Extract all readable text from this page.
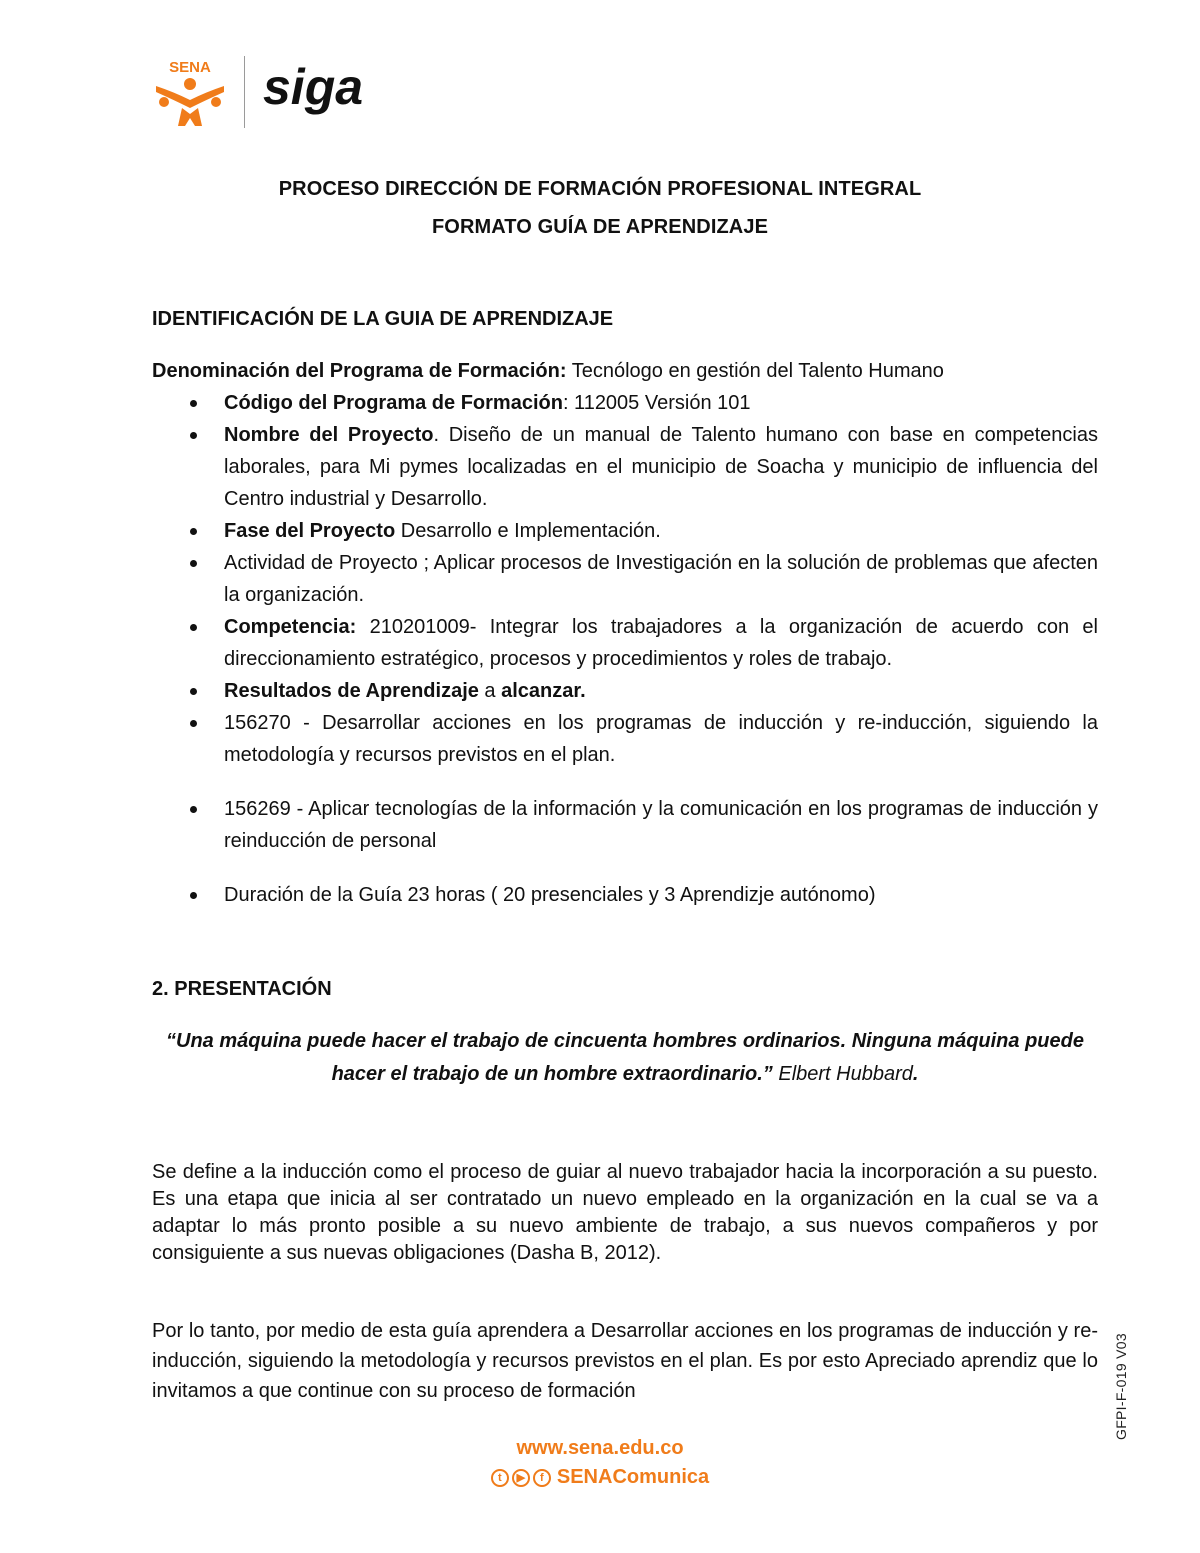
SENA siga
PROCESO DIRECCIÓN DE FORMACIÓN PROFESIONAL INTEGRAL
FORMATO GUÍA DE APRENDIZAJE
IDENTIFICACIÓN DE LA GUIA DE APRENDIZAJE
Denominación del Programa de Formación: Tecnólogo en gestión del Talento Humano
Código del Programa de Formación: 112005 Versión 101
Nombre del Proyecto. Diseño de un manual de Talento humano con base en competencias laborales, para Mi pymes localizadas en el municipio de Soacha y municipio de influencia del Centro industrial y Desarrollo.
Fase del Proyecto Desarrollo e Implementación.
Actividad de Proyecto ; Aplicar procesos de Investigación en la solución de problemas que afecten la organización.
Competencia: 210201009- Integrar los trabajadores a la organización de acuerdo con el direccionamiento estratégico, procesos y procedimientos y roles de trabajo.
Resultados de Aprendizaje a alcanzar.
156270 - Desarrollar acciones en los programas de inducción y re-inducción, siguiendo la metodología y recursos previstos en el plan.
156269 - Aplicar tecnologías de la información y la comunicación en los programas de inducción y reinducción de personal
Duración de la Guía 23 horas ( 20 presenciales y 3 Aprendizje autónomo)
2. PRESENTACIÓN
“Una máquina puede hacer el trabajo de cincuenta hombres ordinarios. Ninguna máquina puede hacer el trabajo de un hombre extraordinario.” Elbert Hubbard.
Se define a la inducción como el proceso de guiar al nuevo trabajador hacia la incorporación a su puesto. Es una etapa que inicia al ser contratado un nuevo empleado en la organización en la cual se va a adaptar lo más pronto posible a su nuevo ambiente de trabajo, a sus nuevos compañeros y por consiguiente a sus nuevas obligaciones (Dasha B, 2012).
Por lo tanto, por medio de esta guía aprendera a Desarrollar acciones en los programas de inducción y re-inducción, siguiendo la metodología y recursos previstos en el plan. Es por esto Apreciado aprendiz que lo invitamos a que continue con su proceso de formación
www.sena.edu.co
t	▶	f SENAComunica
GFPI-F-019 V03
